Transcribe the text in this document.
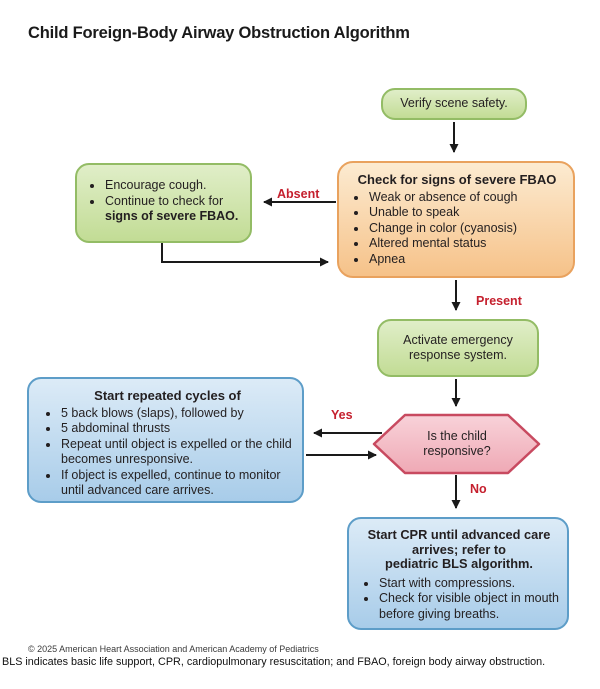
Child Foreign-Body Airway Obstruction Algorithm
Verify scene safety.
Check for signs of severe FBAO
• Weak or absence of cough
• Unable to speak
• Change in color (cyanosis)
• Altered mental status
• Apnea
• Encourage cough.
• Continue to check for
signs of severe FBAO.
Activate emergency response system.
Is the child responsive?
Start repeated cycles of
• 5 back blows (slaps), followed by
• 5 abdominal thrusts
• Repeat until object is expelled or the child becomes unresponsive.
• If object is expelled, continue to monitor until advanced care arrives.
Start CPR until advanced care
arrives; refer to
pediatric BLS algorithm.
• Start with compressions.
• Check for visible object in mouth before giving breaths.
Absent
Present
Yes
No
© 2025 American Heart Association and American Academy of Pediatrics
BLS indicates basic life support, CPR, cardiopulmonary resuscitation; and FBAO, foreign body airway obstruction.
